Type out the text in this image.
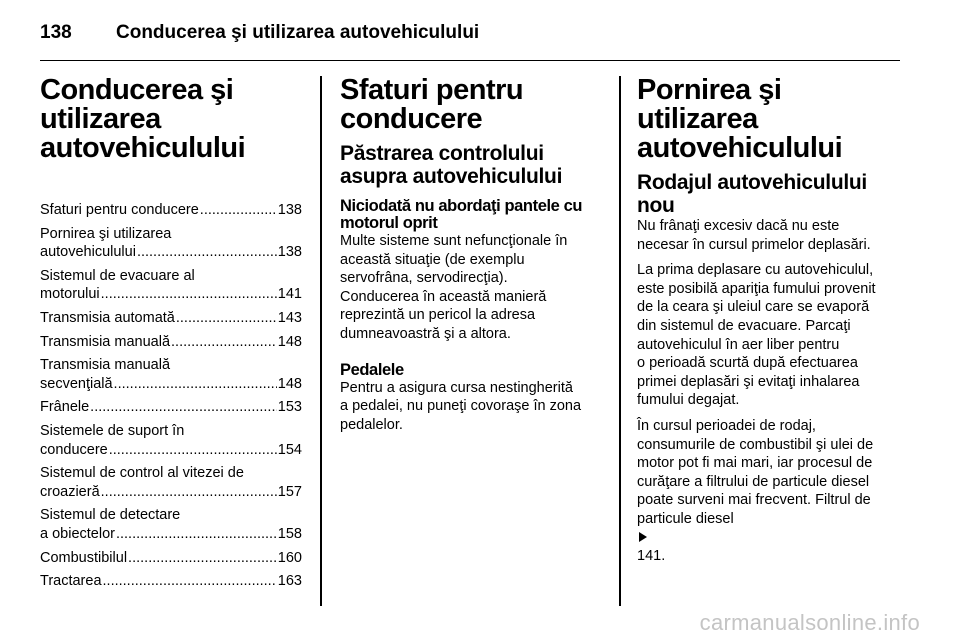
138 Conducerea şi utilizarea autovehiculului
Conducerea şi
utilizarea
autovehiculului
Sfaturi pentru conducere .....	138
Pornirea şi utilizarea
autovehiculului .....	138
Sistemul de evacuare al
motorului .....	141
Transmisia automată .....	143
Transmisia manuală .....	148
Transmisia manuală
secvenţială .....	148
Frânele .....	153
Sistemele de suport în
conducere .....	154
Sistemul de control al vitezei de
croazieră .....	157
Sistemul de detectare
a obiectelor .....	158
Combustibilul .....	160
Tractarea .....	163
Sfaturi pentru
conducere
Păstrarea controlului
asupra autovehiculului
Niciodată nu abordaţi pantele cu
motorul oprit

Multe sisteme sunt nefuncţionale în
această situaţie (de exemplu
servofrâna, servodirecţia).
Conducerea în această manieră
reprezintă un pericol la adresa
dumneavoastră şi a altora.

Pedalele

Pentru a asigura cursa nestingherită
a pedalei, nu puneţi covoraşe în zona
pedalelor.

Pornirea şi utilizarea
autovehiculului
Rodajul autovehiculului
nou

Nu frânaţi excesiv dacă nu este
necesar în cursul primelor deplasări.

La prima deplasare cu autovehiculul,
este posibilă apariţia fumului provenit
de la ceara şi uleiul care se evaporă
din sistemul de evacuare. Parcaţi
autovehiculul în aer liber pentru
o perioadă scurtă după efectuarea
primei deplasări şi evitaţi inhalarea
fumului degajat.

În cursul perioadei de rodaj,
consumurile de combustibil şi ulei de
motor pot fi mai mari, iar procesul de
curăţare a filtrului de particule diesel
poate surveni mai frecvent. Filtrul de
particule diesel
141.

carmanualsonline.info
